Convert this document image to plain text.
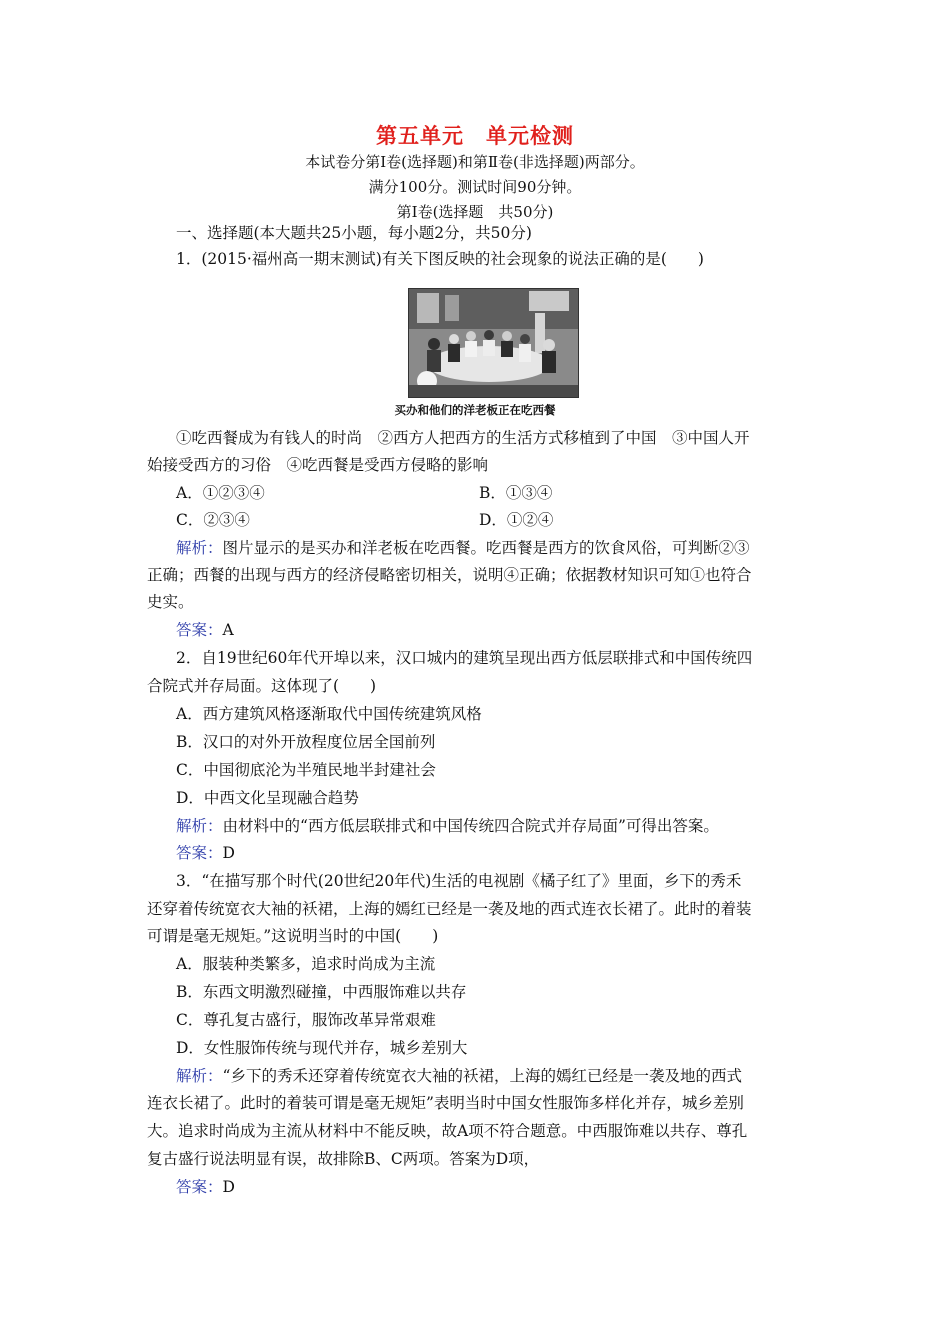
第五单元　单元检测
本试卷分第Ⅰ卷(选择题)和第Ⅱ卷(非选择题)两部分。
满分100分。测试时间90分钟。
第Ⅰ卷(选择题　共50分)
一、选择题(本大题共25小题，每小题2分，共50分)
1．(2015·福州高一期末测试)有关下图反映的社会现象的说法正确的是(　　)
买办和他们的洋老板正在吃西餐
①吃西餐成为有钱人的时尚　②西方人把西方的生活方式移植到了中国　③中国人开
始接受西方的习俗　④吃西餐是受西方侵略的影响
A．①②③④	B．①③④
C．②③④	D．①②④
解析：图片显示的是买办和洋老板在吃西餐。吃西餐是西方的饮食风俗，可判断②③
正确；西餐的出现与西方的经济侵略密切相关，说明④正确；依据教材知识可知①也符合
史实。
答案：A
2．自19世纪60年代开埠以来，汉口城内的建筑呈现出西方低层联排式和中国传统四
合院式并存局面。这体现了(　　)
A．西方建筑风格逐渐取代中国传统建筑风格
B．汉口的对外开放程度位居全国前列
C．中国彻底沦为半殖民地半封建社会
D．中西文化呈现融合趋势
解析：由材料中的“西方低层联排式和中国传统四合院式并存局面”可得出答案。
答案：D
3．“在描写那个时代(20世纪20年代)生活的电视剧《橘子红了》里面，乡下的秀禾
还穿着传统宽衣大袖的袄裙，上海的嫣红已经是一袭及地的西式连衣长裙了。此时的着装
可谓是毫无规矩。”这说明当时的中国(　　)
A．服装种类繁多，追求时尚成为主流
B．东西文明激烈碰撞，中西服饰难以共存
C．尊孔复古盛行，服饰改革异常艰难
D．女性服饰传统与现代并存，城乡差别大
解析：“乡下的秀禾还穿着传统宽衣大袖的袄裙，上海的嫣红已经是一袭及地的西式
连衣长裙了。此时的着装可谓是毫无规矩”表明当时中国女性服饰多样化并存，城乡差别
大。追求时尚成为主流从材料中不能反映，故A项不符合题意。中西服饰难以共存、尊孔
复古盛行说法明显有误，故排除B、C两项。答案为D项，
答案：D
